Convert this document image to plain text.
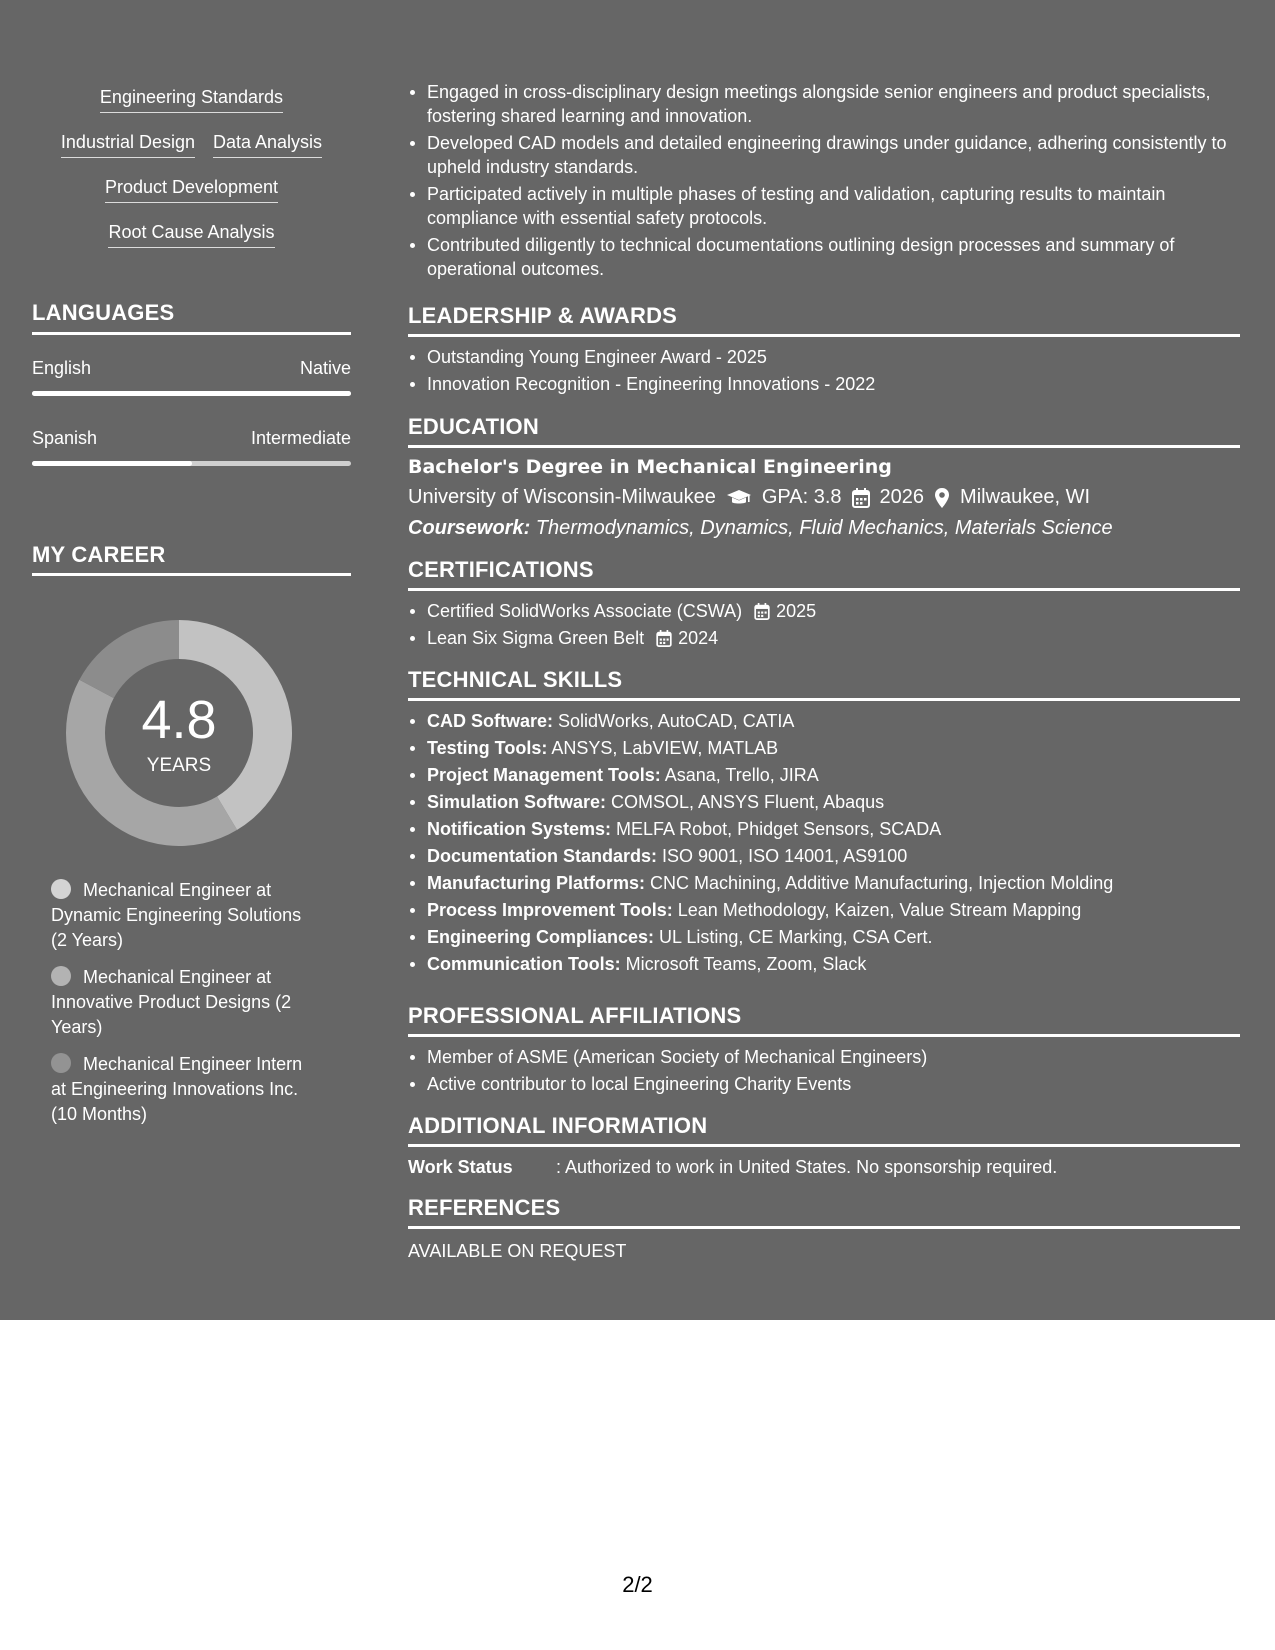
Engineering Standards
Industrial Design Data Analysis
Product Development
Root Cause Analysis
LANGUAGES
English	Native
Spanish	Intermediate
MY CAREER
4.8
YEARS
Mechanical Engineer at Dynamic Engineering Solutions (2 Years)
Mechanical Engineer at Innovative Product Designs (2 Years)
Mechanical Engineer Intern at Engineering Innovations Inc. (10 Months)
Engaged in cross-disciplinary design meetings alongside senior engineers and product specialists, fostering shared learning and innovation.
Developed CAD models and detailed engineering drawings under guidance, adhering consistently to upheld industry standards.
Participated actively in multiple phases of testing and validation, capturing results to maintain compliance with essential safety protocols.
Contributed diligently to technical documentations outlining design processes and summary of operational outcomes.
LEADERSHIP & AWARDS
Outstanding Young Engineer Award - 2025
Innovation Recognition - Engineering Innovations - 2022
EDUCATION
Bachelor's Degree in Mechanical Engineering
University of Wisconsin-Milwaukee GPA: 3.8 2026 Milwaukee, WI
Coursework: Thermodynamics, Dynamics, Fluid Mechanics, Materials Science
CERTIFICATIONS
Certified SolidWorks Associate (CSWA) 2025
Lean Six Sigma Green Belt 2024
TECHNICAL SKILLS
CAD Software: SolidWorks, AutoCAD, CATIA
Testing Tools: ANSYS, LabVIEW, MATLAB
Project Management Tools: Asana, Trello, JIRA
Simulation Software: COMSOL, ANSYS Fluent, Abaqus
Notification Systems: MELFA Robot, Phidget Sensors, SCADA
Documentation Standards: ISO 9001, ISO 14001, AS9100
Manufacturing Platforms: CNC Machining, Additive Manufacturing, Injection Molding
Process Improvement Tools: Lean Methodology, Kaizen, Value Stream Mapping
Engineering Compliances: UL Listing, CE Marking, CSA Cert.
Communication Tools: Microsoft Teams, Zoom, Slack
PROFESSIONAL AFFILIATIONS
Member of ASME (American Society of Mechanical Engineers)
Active contributor to local Engineering Charity Events
ADDITIONAL INFORMATION
Work Status	: Authorized to work in United States. No sponsorship required.
REFERENCES
AVAILABLE ON REQUEST
2/2
